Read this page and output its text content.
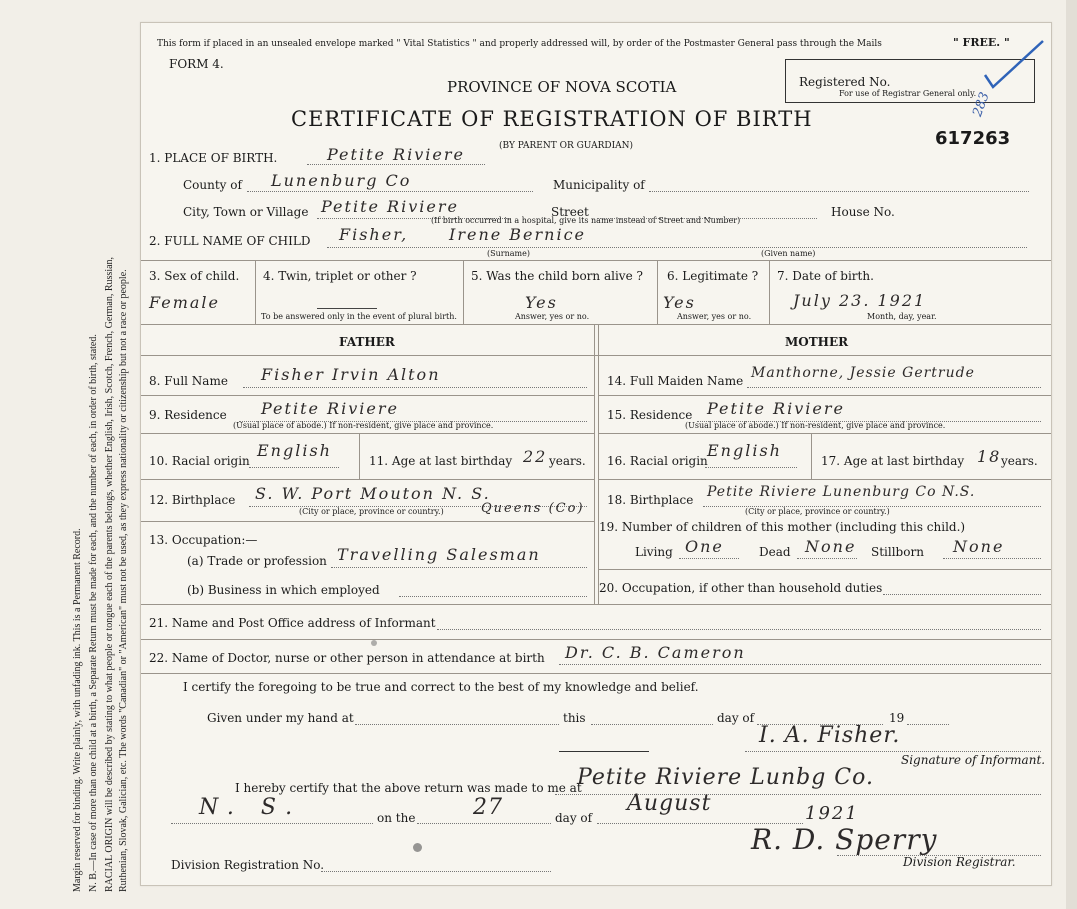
Margin reserved for binding. Write plainly, with unfading ink. This is a Permanent Record. N. B.—In case of more than one child at a birth, a Separate Return must be made for each, and the number of each, in order of birth, stated. RACIAL ORIGIN will be described by stating to what people or tongue each of the parents belongs, whether English, Irish, Scotch, French, German, Russian, Ruthenian, Slovak, Galician, etc. The words "Canadian" or "American" must not be used, as they express nationality or citizenship but not a race or people.
This form if placed in an unsealed envelope marked " Vital Statistics " and properly addressed will, by order of the Postmaster General pass through the Mails	" FREE. "
FORM 4.
PROVINCE OF NOVA SCOTIA
CERTIFICATE OF REGISTRATION OF BIRTH
(BY PARENT OR GUARDIAN)
Registered No.
For use of Registrar General only.
283
617263
1. PLACE OF BIRTH.	Petite Riviere
County of Lunenburg Co	Municipality of
City, Town or Village Petite Riviere	Street
(If birth occurred in a hospital, give its name instead of Street and Number)
House No.
2. FULL NAME OF CHILD Fisher,	Irene Bernice
(Surname)	(Given name)
3. Sex of child.
Female
4. Twin, triplet or other ?
To be answered only in the event of plural birth.
5. Was the child born alive ?
Yes
Answer, yes or no.
6. Legitimate ?
Yes
Answer, yes or no.
7. Date of birth.
July 23. 1921
Month, day, year.
FATHER	MOTHER
8. Full Name Fisher Irvin Alton
9. Residence Petite Riviere
(Usual place of abode.) If non-resident, give place and province.
10. Racial origin
English
11. Age at last birthday 22 years.
12. Birthplace S. W. Port Mouton N. S.
Queens (Co)
(City or place, province or country.)
13. Occupation:—
(a) Trade or profession Travelling Salesman
(b) Business in which employed
14. Full Maiden Name Manthorne, Jessie Gertrude
15. Residence Petite Riviere
(Usual place of abode.) If non-resident, give place and province.
16. Racial origin
English
17. Age at last birthday 18 years.
18. Birthplace Petite Riviere Lunenburg Co N.S.
(City or place, province or country.)
19. Number of children of this mother (including this child.)
Living One	Dead None Stillborn None
20. Occupation, if other than household duties
21. Name and Post Office address of Informant
22. Name of Doctor, nurse or other person in attendance at birth Dr. C. B. Cameron
I certify the foregoing to be true and correct to the best of my knowledge and belief.
Given under my hand at	this	day of	19
I. A. Fisher.
Signature of Informant.
I hereby certify that the above return was made to me at
Petite Riviere Lunbg Co.
N. S.	on the	27	day of
August	1921
R. D. Sperry
Division Registrar.
Division Registration No.
